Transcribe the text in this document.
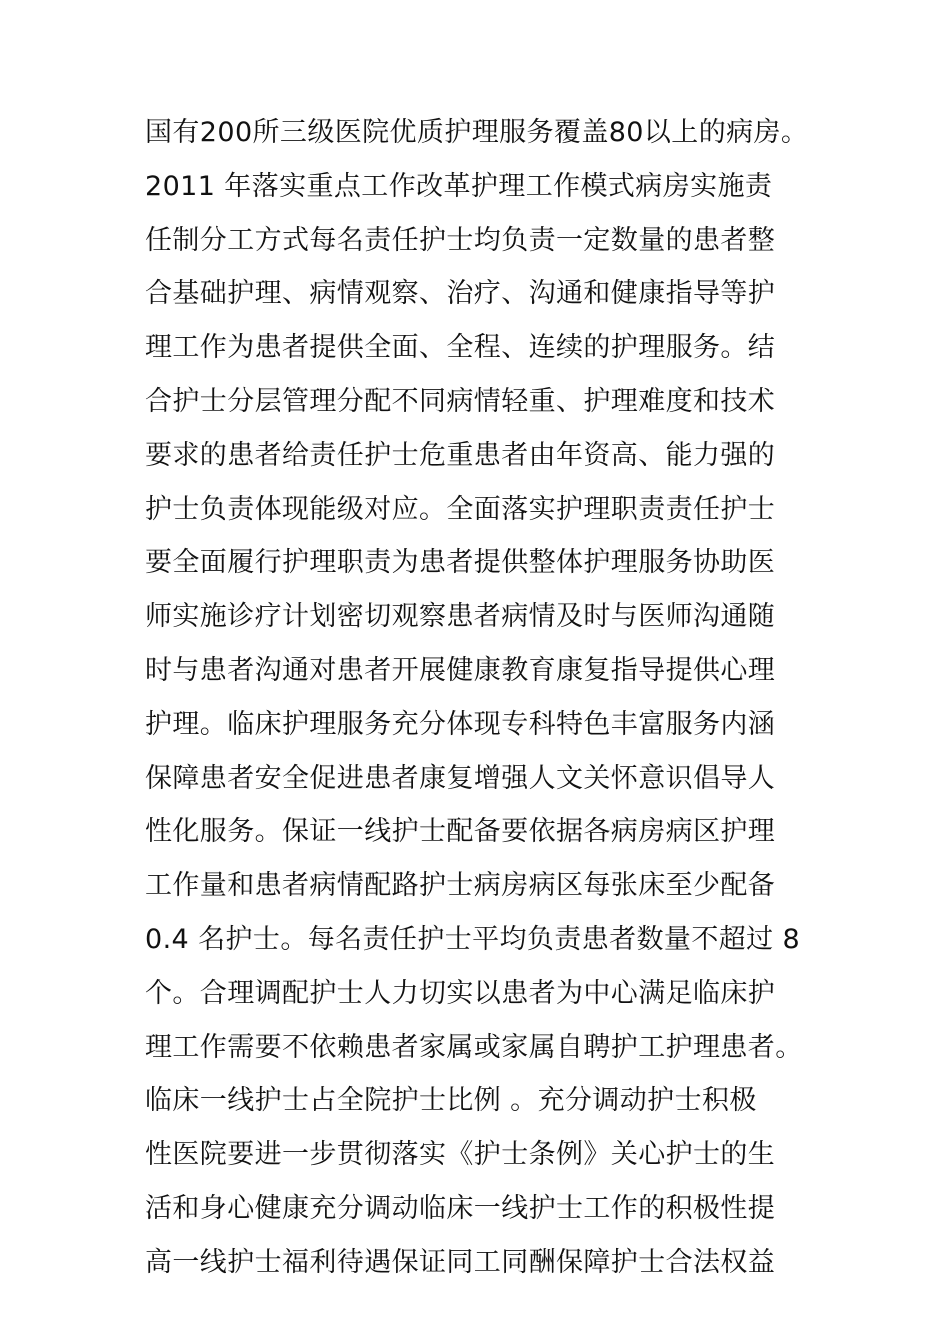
国有200所三级医院优质护理服务覆盖80以上的病房。
2011 年落实重点工作改革护理工作模式病房实施责
任制分工方式每名责任护士均负责一定数量的患者整
合基础护理、病情观察、治疗、沟通和健康指导等护
理工作为患者提供全面、全程、连续的护理服务。结
合护士分层管理分配不同病情轻重、护理难度和技术
要求的患者给责任护士危重患者由年资高、能力强的
护士负责体现能级对应。全面落实护理职责责任护士
要全面履行护理职责为患者提供整体护理服务协助医
师实施诊疗计划密切观察患者病情及时与医师沟通随
时与患者沟通对患者开展健康教育康复指导提供心理
护理。临床护理服务充分体现专科特色丰富服务内涵
保障患者安全促进患者康复增强人文关怀意识倡导人
性化服务。保证一线护士配备要依据各病房病区护理
工作量和患者病情配路护士病房病区每张床至少配备
0.4 名护士。每名责任护士平均负责患者数量不超过 8
个。合理调配护士人力切实以患者为中心满足临床护
理工作需要不依赖患者家属或家属自聘护工护理患者。
临床一线护士占全院护士比例 。充分调动护士积极
性医院要进一步贯彻落实《护士条例》关心护士的生
活和身心健康充分调动临床一线护士工作的积极性提
高一线护士福利待遇保证同工同酬保障护士合法权益
